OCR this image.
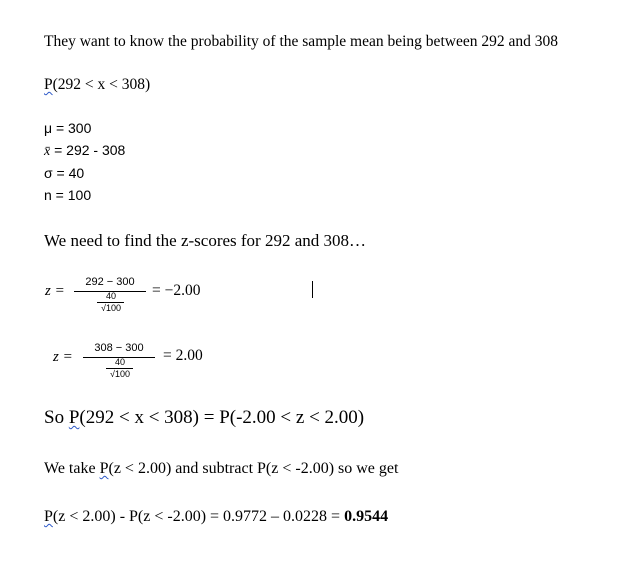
They want to know the probability of the sample mean being between 292 and 308
P(292 < x < 308)
μ = 300
x̄ = 292 - 308
σ = 40
n = 100
We need to find the z-scores for 292 and 308…
z =
292 − 300
40
√100
= −2.00
z =
308 − 300
40
√100
= 2.00
So P(292 < x < 308) = P(-2.00 < z < 2.00)
We take P(z < 2.00) and subtract P(z < -2.00) so we get
P(z < 2.00) - P(z < -2.00) = 0.9772 – 0.0228 = 0.9544
